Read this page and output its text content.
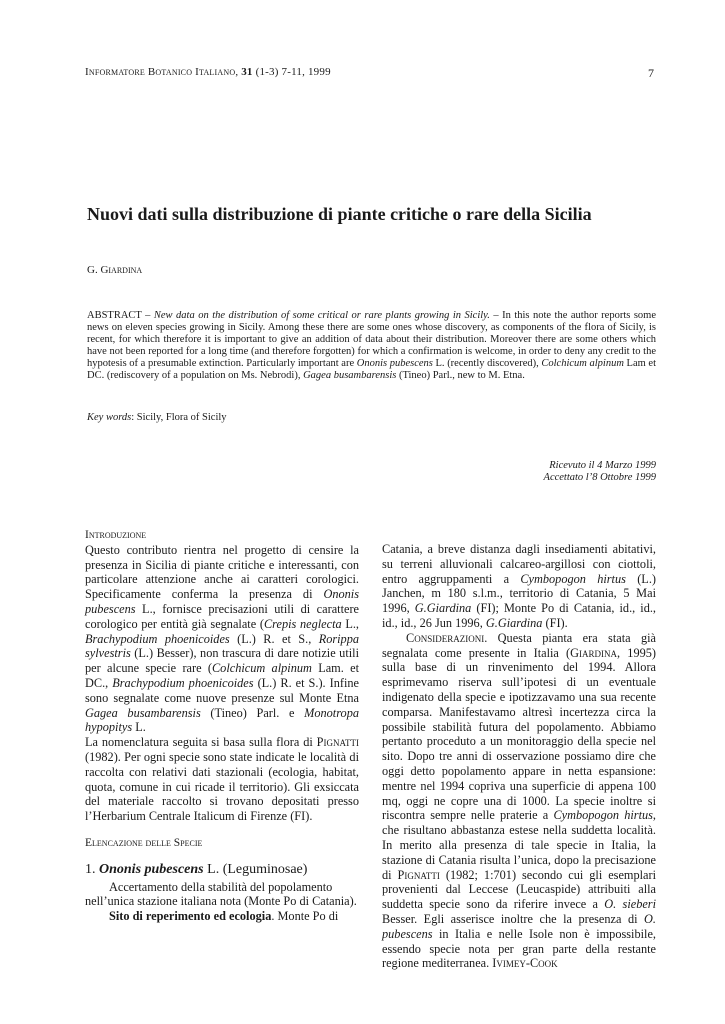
Informatore Botanico Italiano, 31 (1-3) 7-11, 1999	7
Nuovi dati sulla distribuzione di piante critiche o rare della Sicilia
G. Giardina
ABSTRACT – New data on the distribution of some critical or rare plants growing in Sicily. – In this note the author reports some news on eleven species growing in Sicily. Among these there are some ones whose discovery, as components of the flora of Sicily, is recent, for which therefore it is important to give an addition of data about their distribution. Moreover there are some others which have not been reported for a long time (and therefore forgotten) for which a confirmation is welcome, in order to deny any credit to the hypotesis of a presumable extinction. Particularly important are Ononis pubescens L. (recently discovered), Colchicum alpinum Lam et DC. (rediscovery of a population on Ms. Nebrodi), Gagea busambarensis (Tineo) Parl., new to M. Etna.
Key words: Sicily, Flora of Sicily
Ricevuto il 4 Marzo 1999
Accettato l’8 Ottobre 1999

Introduzione

Questo contributo rientra nel progetto di censire la presenza in Sicilia di piante critiche e interessanti, con particolare attenzione anche ai caratteri corologici. Specificamente conferma la presenza di Ononis pubescens L., fornisce precisazioni utili di carattere corologico per entità già segnalate (Crepis neglecta L., Brachypodium phoenicoides (L.) R. et S., Rorippa sylvestris (L.) Besser), non trascura di dare notizie utili per alcune specie rare (Colchicum alpinum Lam. et DC., Brachypodium phoenicoides (L.) R. et S.). Infine sono segnalate come nuove presenze sul Monte Etna Gagea busambarensis (Tineo) Parl. e Monotropa hypopitys L.

La nomenclatura seguita si basa sulla flora di Pignatti (1982). Per ogni specie sono state indicate le località di raccolta con relativi dati stazionali (ecologia, habitat, quota, comune in cui ricade il territorio). Gli exsiccata del materiale raccolto si trovano depositati presso l’Herbarium Centrale Italicum di Firenze (FI).

Elencazione delle Specie

1. Ononis pubescens L. (Leguminosae)

Accertamento della stabilità del popolamento nell’unica stazione italiana nota (Monte Po di Catania).

Sito di reperimento ed ecologia. Monte Po di

Catania, a breve distanza dagli insediamenti abitativi, su terreni alluvionali calcareo-argillosi con ciottoli, entro aggruppamenti a Cymbopogon hirtus (L.) Janchen, m 180 s.l.m., territorio di Catania, 5 Mai 1996, G.Giardina (FI); Monte Po di Catania, id., id., id., id., 26 Jun 1996, G.Giardina (FI).

Considerazioni. Questa pianta era stata già segnalata come presente in Italia (Giardina, 1995) sulla base di un rinvenimento del 1994. Allora esprimevamo riserva sull’ipotesi di un eventuale indigenato della specie e ipotizzavamo una sua recente comparsa. Manifestavamo altresì incertezza circa la possibile stabilità futura del popolamento. Abbiamo pertanto proceduto a un monitoraggio della specie nel sito. Dopo tre anni di osservazione possiamo dire che oggi detto popolamento appare in netta espansione: mentre nel 1994 copriva una superficie di appena 100 mq, oggi ne copre una di 1000. La specie inoltre si riscontra sempre nelle praterie a Cymbopogon hirtus, che risultano abbastanza estese nella suddetta località. In merito alla presenza di tale specie in Italia, la stazione di Catania risulta l’unica, dopo la precisazione di Pignatti (1982; 1:701) secondo cui gli esemplari provenienti dal Leccese (Leucaspide) attribuiti alla suddetta specie sono da riferire invece a O. sieberi Besser. Egli asserisce inoltre che la presenza di O. pubescens in Italia e nelle Isole non è impossibile, essendo specie nota per gran parte della restante regione mediterranea. Ivimey-Cook
